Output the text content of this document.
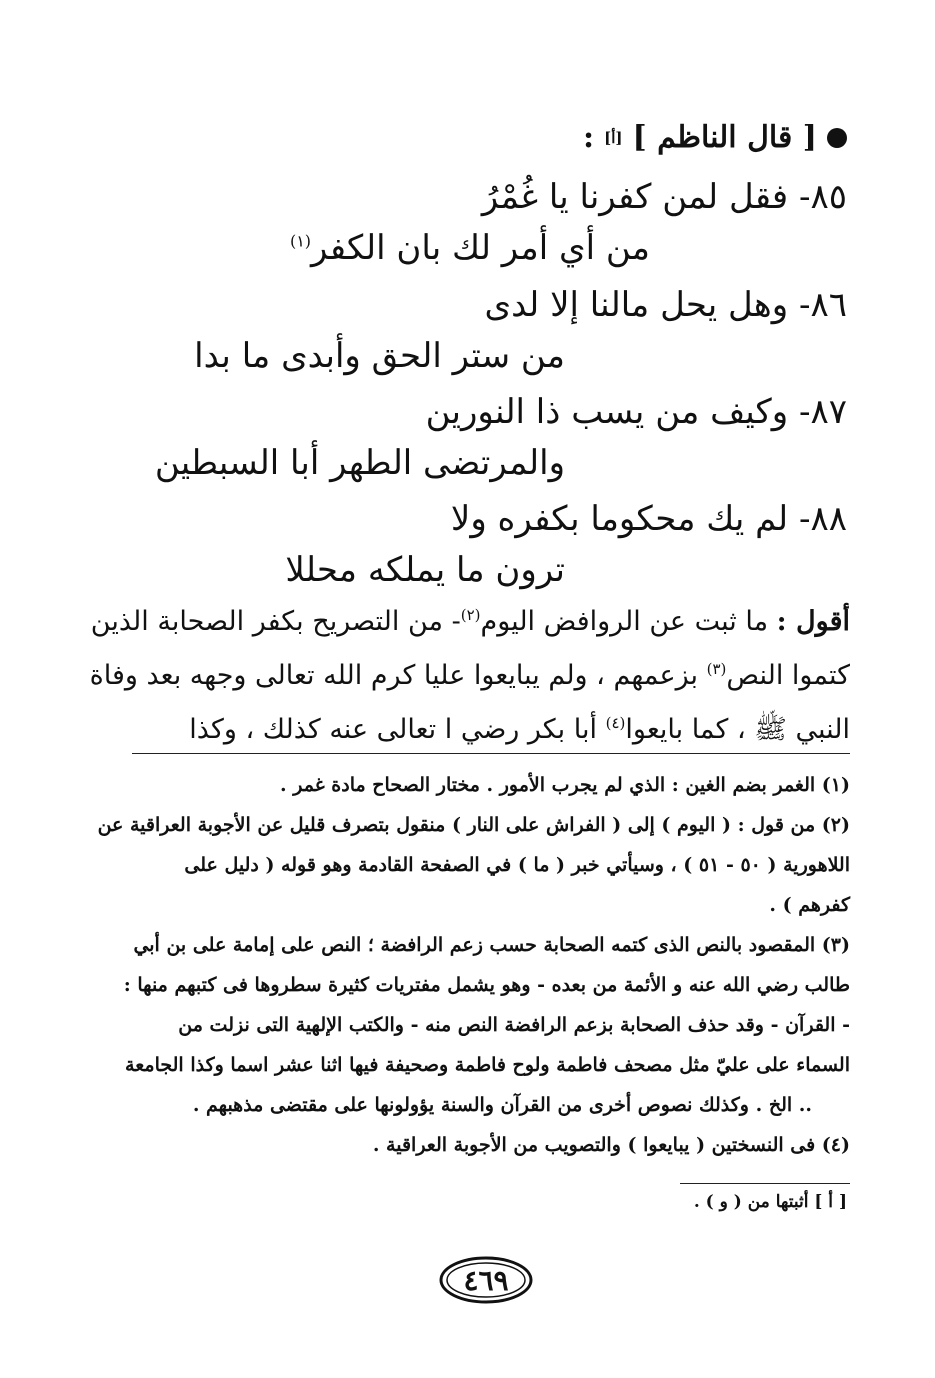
[ قال الناظم ]
[أ]
:
٨٥- فقل لمن كفرنا يا غُمْرُ
من أي أمر لك بان الكفر$^{(١)}$
٨٦- وهل يحل مالنا إلا لدى
من ستر الحق وأبدى ما بدا
٨٧- وكيف من يسب ذا النورين
والمرتضى الطهر أبا السبطين
٨٨- لم يك محكوما بكفره ولا
ترون ما يملكه محللا
أقول : ما ثبت عن الروافض اليوم$^{(٢)}$- من التصريح بكفر الصحابة الذين
كتموا النص$^{(٣)}$ بزعمهم ، ولم يبايعوا عليا كرم الله تعالى وجهه بعد وفاة
النبي ﷺ ، كما بايعوا$^{(٤)}$ أبا بكر رضي ا تعالى عنه كذلك ، وكذا
(١) الغمر بضم الغين : الذي لم يجرب الأمور . مختار الصحاح مادة غمر .
(٢) من قول : ( اليوم ) إلى ( الفراش على النار ) منقول بتصرف قليل عن الأجوبة العراقية عن
اللاهورية ( ٥٠ - ٥١ ) ، وسيأتي خبر ( ما ) في الصفحة القادمة وهو قوله ( دليل على
كفرهم ) .
(٣) المقصود بالنص الذى كتمه الصحابة حسب زعم الرافضة ؛ النص على إمامة على بن أبي
طالب رضي الله عنه و الأئمة من بعده - وهو يشمل مفتريات كثيرة سطروها فى كتبهم منها :
- القرآن - وقد حذف الصحابة بزعم الرافضة النص منه - والكتب الإلهية التى نزلت من
السماء على عليّ مثل مصحف فاطمة ولوح فاطمة وصحيفة فيها اثنا عشر اسما وكذا الجامعة
.. الخ . وكذلك نصوص أخرى من القرآن والسنة يؤولونها على مقتضى مذهبهم .
(٤) فى النسختين ( يبايعوا ) والتصويب من الأجوبة العراقية .
[ أ ] أثبتها من ( و ) .
٤٦٩
